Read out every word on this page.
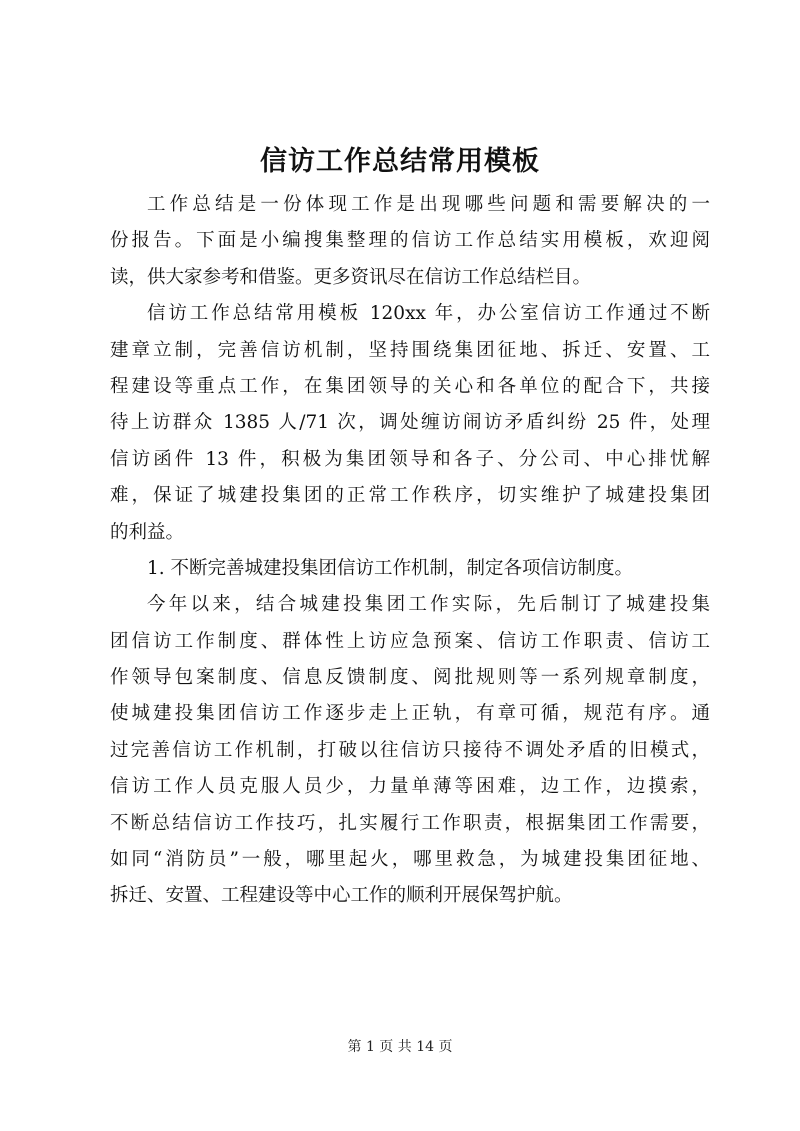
信访工作总结常用模板
工作总结是一份体现工作是出现哪些问题和需要解决的一
份报告。下面是小编搜集整理的信访工作总结实用模板，欢迎阅
读，供大家参考和借鉴。更多资讯尽在信访工作总结栏目。
信访工作总结常用模板 120xx 年，办公室信访工作通过不断
建章立制，完善信访机制，坚持围绕集团征地、拆迁、安置、工
程建设等重点工作，在集团领导的关心和各单位的配合下，共接
待上访群众 1385 人/71 次，调处缠访闹访矛盾纠纷 25 件，处理
信访函件 13 件，积极为集团领导和各子、分公司、中心排忧解
难，保证了城建投集团的正常工作秩序，切实维护了城建投集团
的利益。
1. 不断完善城建投集团信访工作机制，制定各项信访制度。
今年以来，结合城建投集团工作实际，先后制订了城建投集
团信访工作制度、群体性上访应急预案、信访工作职责、信访工
作领导包案制度、信息反馈制度、阅批规则等一系列规章制度，
使城建投集团信访工作逐步走上正轨，有章可循，规范有序。通
过完善信访工作机制，打破以往信访只接待不调处矛盾的旧模式，
信访工作人员克服人员少，力量单薄等困难，边工作，边摸索，
不断总结信访工作技巧，扎实履行工作职责，根据集团工作需要，
如同“消防员”一般，哪里起火，哪里救急，为城建投集团征地、
拆迁、安置、工程建设等中心工作的顺利开展保驾护航。
第 1 页 共 14 页
